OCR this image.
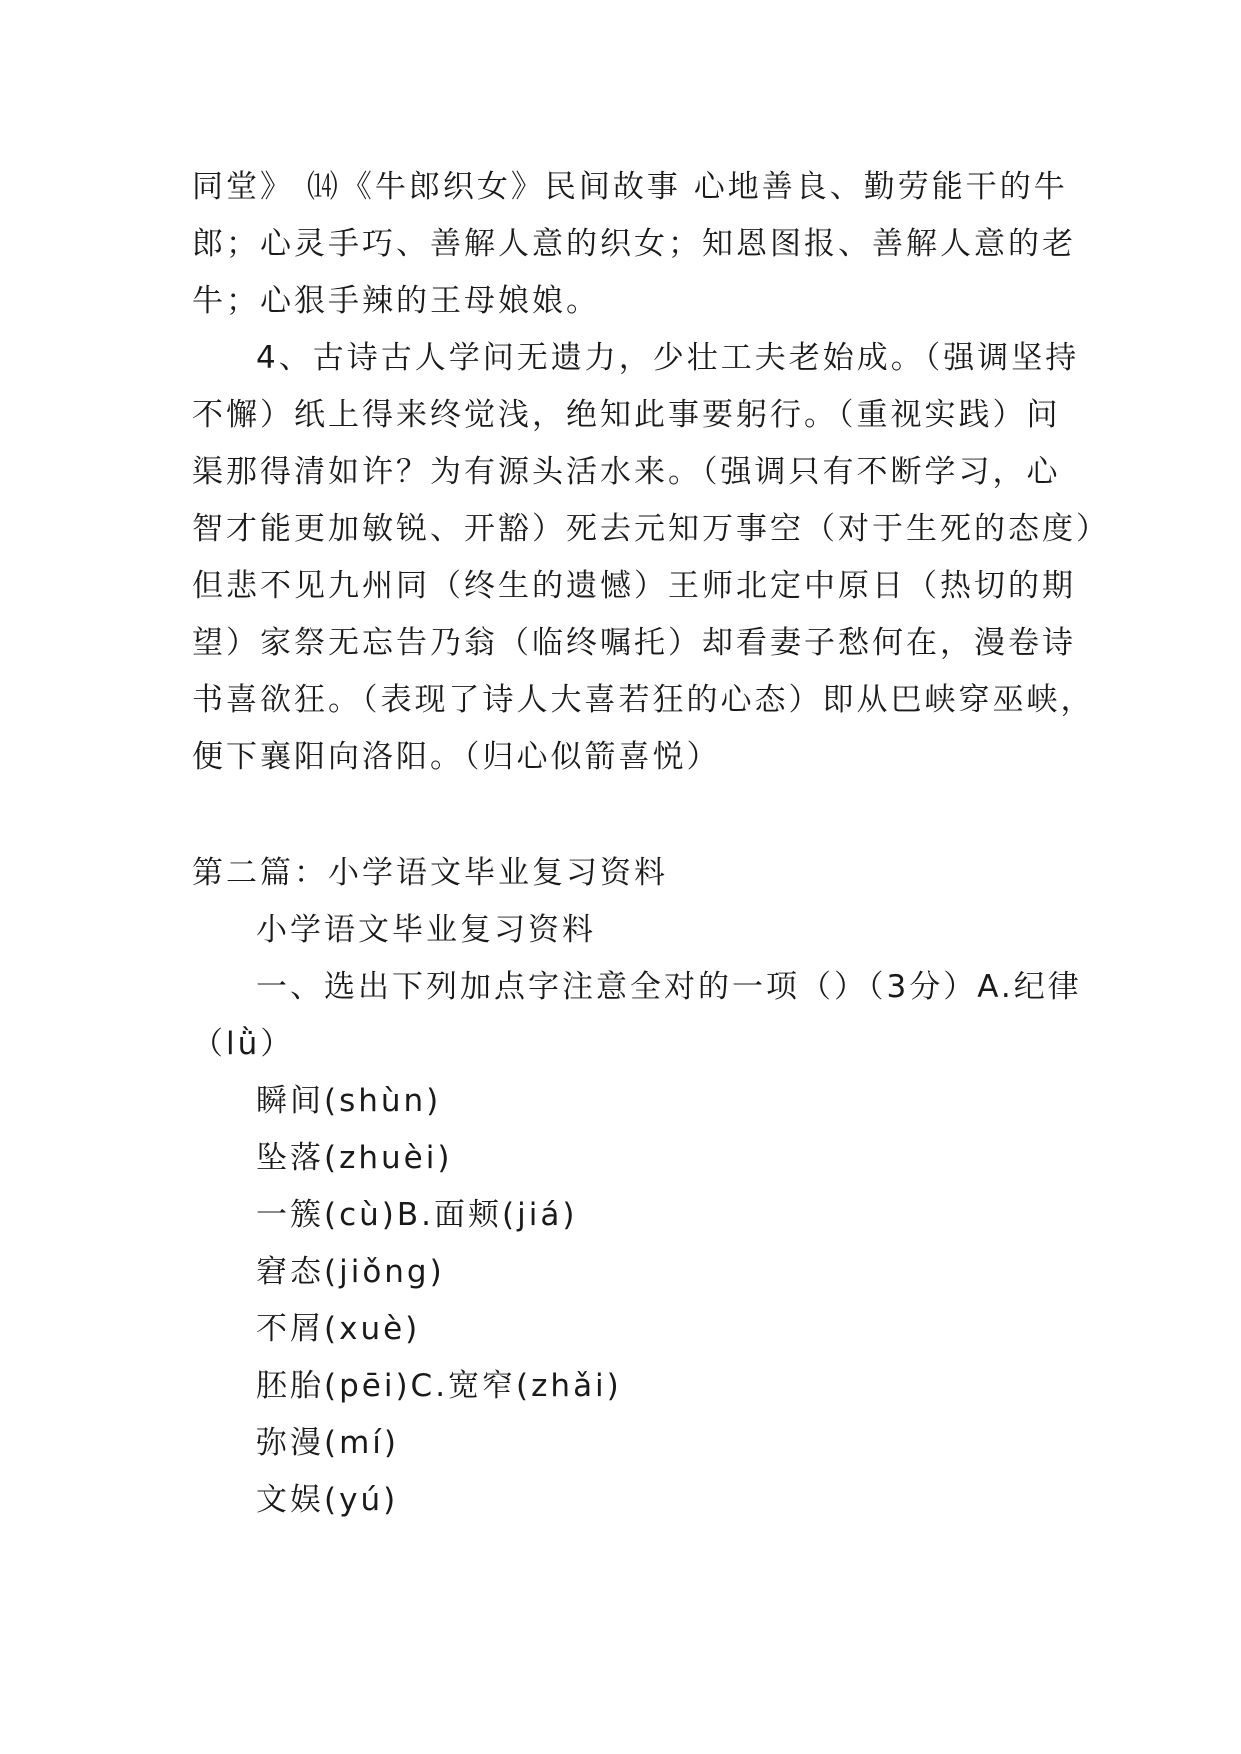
同堂》 ⒁《牛郎织女》民间故事 心地善良、勤劳能干的牛
郎；心灵手巧、善解人意的织女；知恩图报、善解人意的老
牛；心狠手辣的王母娘娘。
4、古诗古人学问无遗力，少壮工夫老始成。（强调坚持
不懈）纸上得来终觉浅，绝知此事要躬行。（重视实践）问
渠那得清如许？为有源头活水来。（强调只有不断学习，心
智才能更加敏锐、开豁）死去元知万事空（对于生死的态度）
但悲不见九州同（终生的遗憾）王师北定中原日（热切的期
望）家祭无忘告乃翁（临终嘱托）却看妻子愁何在，漫卷诗
书喜欲狂。（表现了诗人大喜若狂的心态）即从巴峡穿巫峡，
便下襄阳向洛阳。（归心似箭喜悦）
第二篇：小学语文毕业复习资料
小学语文毕业复习资料
一、选出下列加点字注意全对的一项（）（3分）A.纪律
（lǜ）
瞬间(shùn)
坠落(zhuèi)
一簇(cù)B.面颊(jiá)
窘态(jiǒng)
不屑(xuè)
胚胎(pēi)C.宽窄(zhǎi)
弥漫(mí)
文娱(yú)
